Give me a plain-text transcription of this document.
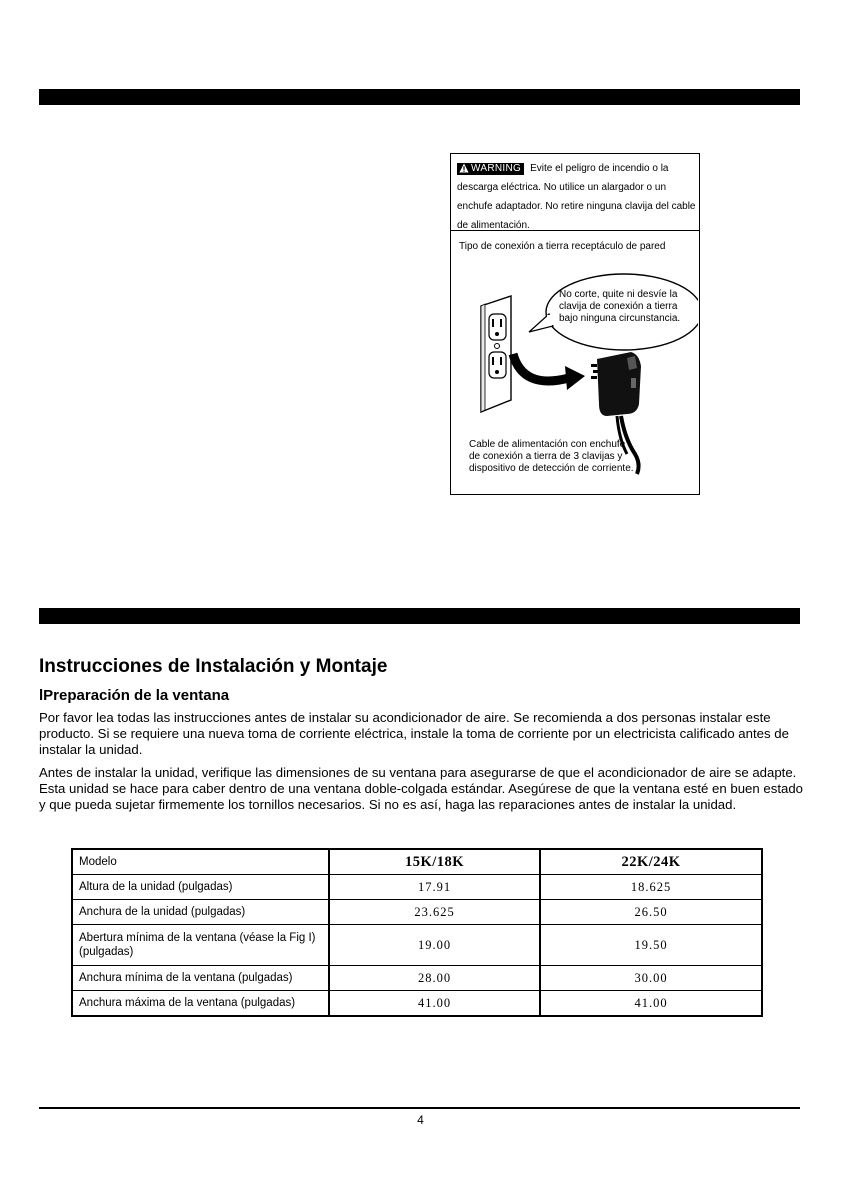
WARNING Evite el peligro de incendio o la descarga eléctrica. No utilice un alargador o un enchufe adaptador. No retire ninguna clavija del cable de alimentación.

Tipo de conexión a tierra receptáculo de pared

No corte, quite ni desvíe la clavija de conexión a tierra bajo ninguna circunstancia.

Cable de alimentación con enchufe de conexión a tierra de 3 clavijas y dispositivo de detección de corriente.

Instrucciones de Instalación y Montaje
lPreparación de la ventana

Por favor lea todas las instrucciones antes de instalar su acondicionador de aire. Se recomienda a dos personas instalar este producto. Si se requiere una nueva toma de corriente eléctrica, instale la toma de corriente por un electricista calificado antes de instalar la unidad.

Antes de instalar la unidad, verifique las dimensiones de su ventana para asegurarse de que el acondicionador de aire se adapte. Esta unidad se hace para caber dentro de una ventana doble-colgada estándar. Asegúrese de que la ventana esté en buen estado y que pueda sujetar firmemente los tornillos necesarios. Si no es así, haga las reparaciones antes de instalar la unidad.

Modelo	15K/18K	22K/24K
Altura de la unidad (pulgadas)	17.91	18.625
Anchura de la unidad (pulgadas)	23.625	26.50
Abertura mínima de la ventana (véase la Fig I) (pulgadas)	19.00	19.50
Anchura mínima de la ventana (pulgadas)	28.00	30.00
Anchura máxima de la ventana (pulgadas)	41.00	41.00

4
